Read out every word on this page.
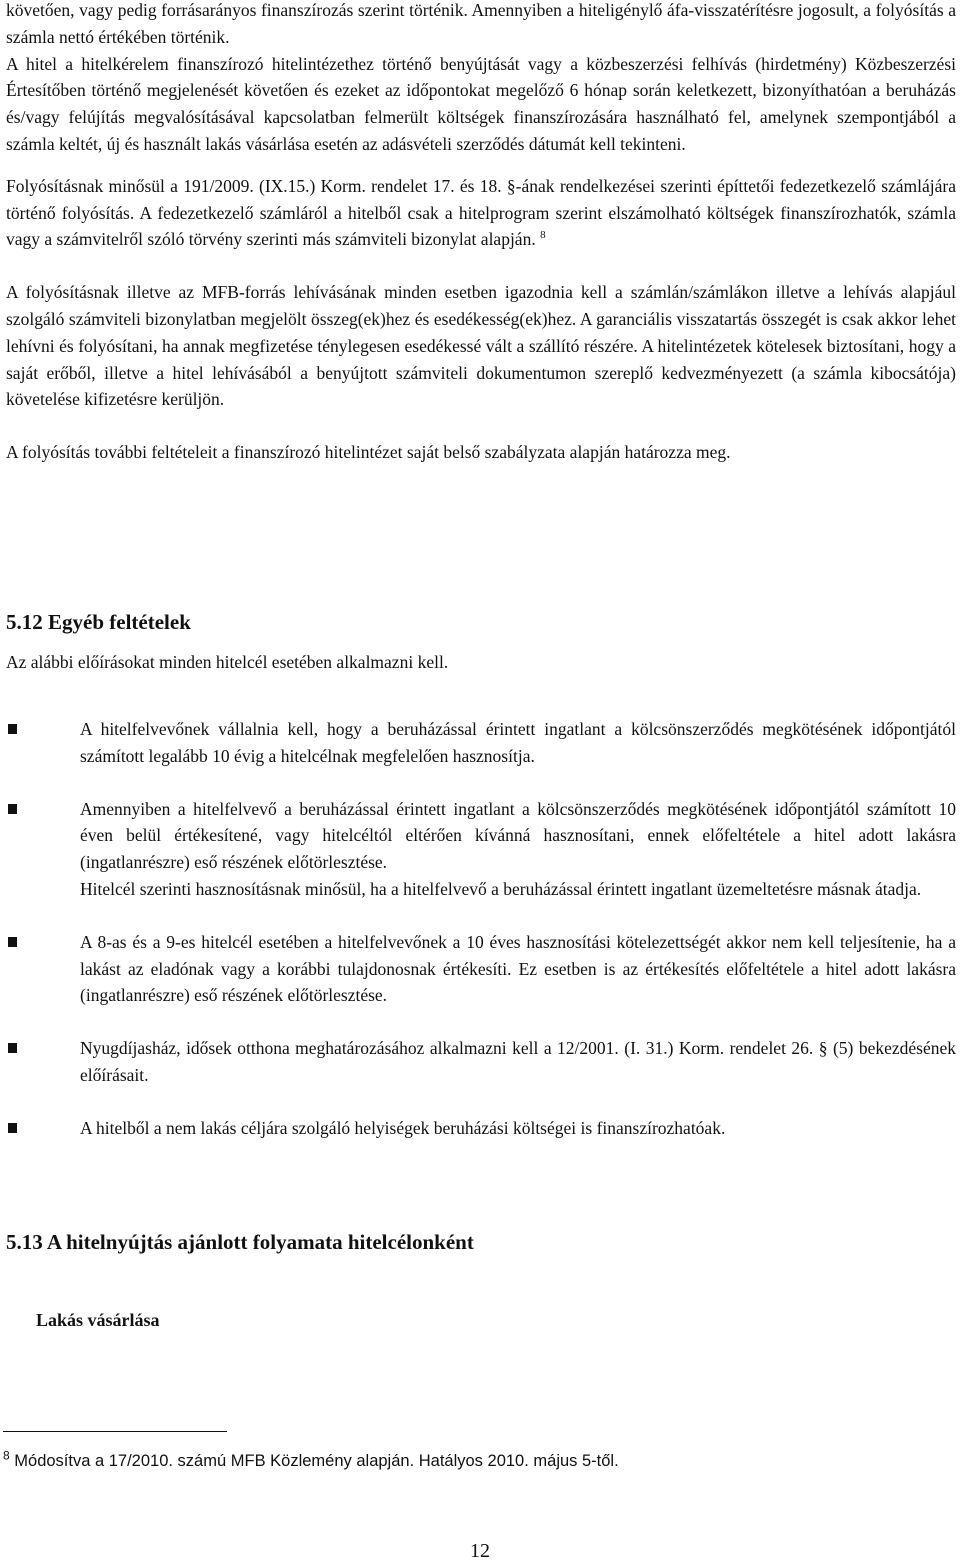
követően, vagy pedig forrásarányos finanszírozás szerint történik. Amennyiben a hiteligénylő áfa-visszatérítésre jogosult, a folyósítás a számla nettó értékében történik.

A hitel a hitelkérelem finanszírozó hitelintézethez történő benyújtását vagy a közbeszerzési felhívás (hirdetmény) Közbeszerzési Értesítőben történő megjelenését követően és ezeket az időpontokat megelőző 6 hónap során keletkezett, bizonyíthatóan a beruházás és/vagy felújítás megvalósításával kapcsolatban felmerült költségek finanszírozására használható fel, amelynek szempontjából a számla keltét, új és használt lakás vásárlása esetén az adásvételi szerződés dátumát kell tekinteni.

Folyósításnak minősül a 191/2009. (IX.15.) Korm. rendelet 17. és 18. §-ának rendelkezései szerinti építtetői fedezetkezelő számlájára történő folyósítás. A fedezetkezelő számláról a hitelből csak a hitelprogram szerint elszámolható költségek finanszírozhatók, számla vagy a számvitelről szóló törvény szerinti más számviteli bizonylat alapján. $^8$

A folyósításnak illetve az MFB-forrás lehívásának minden esetben igazodnia kell a számlán/számlákon illetve a lehívás alapjául szolgáló számviteli bizonylatban megjelölt összeg(ek)hez és esedékesség(ek)hez. A garanciális visszatartás összegét is csak akkor lehet lehívni és folyósítani, ha annak megfizetése ténylegesen esedékessé vált a szállító részére. A hitelintézetek kötelesek biztosítani, hogy a saját erőből, illetve a hitel lehívásából a benyújtott számviteli dokumentumon szereplő kedvezményezett (a számla kibocsátója) követelése kifizetésre kerüljön.

A folyósítás további feltételeit a finanszírozó hitelintézet saját belső szabályzata alapján határozza meg.

5.12 Egyéb feltételek

Az alábbi előírásokat minden hitelcél esetében alkalmazni kell.

A hitelfelvevőnek vállalnia kell, hogy a beruházással érintett ingatlant a kölcsönszerződés megkötésének időpontjától számított legalább 10 évig a hitelcélnak megfelelően hasznosítja.

Amennyiben a hitelfelvevő a beruházással érintett ingatlant a kölcsönszerződés megkötésének időpontjától számított 10 éven belül értékesítené, vagy hitelcéltól eltérően kívánná hasznosítani, ennek előfeltétele a hitel adott lakásra (ingatlanrészre) eső részének előtörlesztése.

Hitelcél szerinti hasznosításnak minősül, ha a hitelfelvevő a beruházással érintett ingatlant üzemeltetésre másnak átadja.

A 8-as és a 9-es hitelcél esetében a hitelfelvevőnek a 10 éves hasznosítási kötelezettségét akkor nem kell teljesítenie, ha a lakást az eladónak vagy a korábbi tulajdonosnak értékesíti. Ez esetben is az értékesítés előfeltétele a hitel adott lakásra (ingatlanrészre) eső részének előtörlesztése.

Nyugdíjasház, idősek otthona meghatározásához alkalmazni kell a 12/2001. (I. 31.) Korm. rendelet 26. § (5) bekezdésének előírásait.

A hitelből a nem lakás céljára szolgáló helyiségek beruházási költségei is finanszírozhatóak.

5.13 A hitelnyújtás ajánlott folyamata hitelcélonként
Lakás vásárlása
$^8$ Módosítva a 17/2010. számú MFB Közlemény alapján. Hatályos 2010. május 5-től.
12
